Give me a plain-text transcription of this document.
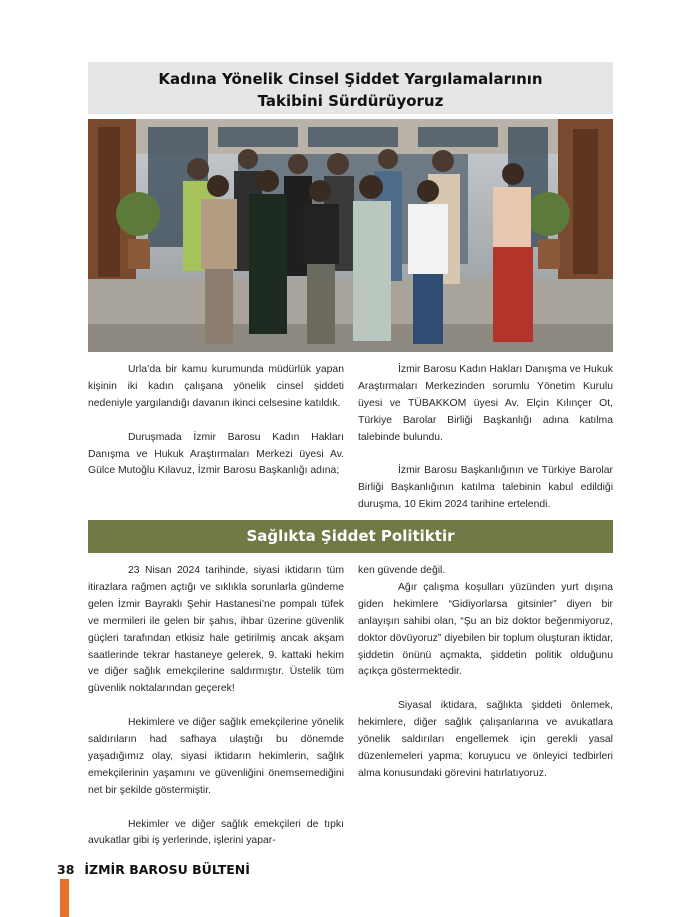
Kadına Yönelik Cinsel Şiddet Yargılamalarının
Takibini Sürdürüyoruz

Urla’da bir kamu kurumunda müdürlük yapan kişinin iki kadın çalışana yönelik cinsel şiddeti nedeniyle yargılandığı davanın ikinci celsesine katıldık.

Duruşmada İzmir Barosu Kadın Hakları Danışma ve Hukuk Araştırmaları Merkezi üyesi Av. Gülce Mutoğlu Kılavuz, İzmir Barosu Başkanlığı adına;

İzmir Barosu Kadın Hakları Danışma ve Hukuk Araştırmaları Merkezinden sorumlu Yönetim Kurulu üyesi ve TÜBAKKOM üyesi Av. Elçin Kılınçer Ot, Türkiye Barolar Birliği Başkanlığı adına katılma talebinde bulundu.

İzmir Barosu Başkanlığının ve Türkiye Barolar Birliği Başkanlığının katılma talebinin kabul edildiği duruşma, 10 Ekim 2024 tarihine ertelendi.

Sağlıkta Şiddet Politiktir

23 Nisan 2024 tarihinde, siyasi iktidarın tüm itirazlara rağmen açtığı ve sıklıkla sorunlarla gündeme gelen İzmir Bayraklı Şehir Hastanesi’ne pompalı tüfek ve mermileri ile gelen bir şahıs, ihbar üzerine güvenlik güçleri tarafından etkisiz hale getirilmiş ancak akşam saatlerinde tekrar hastaneye gelerek, 9. kattaki hekim ve diğer sağlık emekçilerine saldırmıştır. Üstelik tüm güvenlik noktalarından geçerek!

Hekimlere ve diğer sağlık emekçilerine yönelik saldırıların had safhaya ulaştığı bu dönemde yaşadığımız olay, siyasi iktidarın hekimlerin, sağlık emekçilerinin yaşamını ve güvenliğini önemsemediğini net bir şekilde göstermiştir.

Hekimler ve diğer sağlık emekçileri de tıpkı avukatlar gibi iş yerlerinde, işlerini yapar-

ken güvende değil.

Ağır çalışma koşulları yüzünden yurt dışına giden hekimlere “Gidiyorlarsa gitsinler” diyen bir anlayışın sahibi olan, “Şu an biz doktor beğenmiyoruz, doktor dövüyoruz” diyebilen bir toplum oluşturan iktidar, şiddetin önünü açmakta, şiddetin politik olduğunu açıkça göstermektedir.

Siyasal iktidara, sağlıkta şiddeti önlemek, hekimlere, diğer sağlık çalışanlarına ve avukatlara yönelik saldırıları engellemek için gerekli yasal düzenlemeleri yapma; koruyucu ve önleyici tedbirleri alma konusundaki görevini hatırlatıyoruz.

38 İZMİR BAROSU BÜLTENİ
